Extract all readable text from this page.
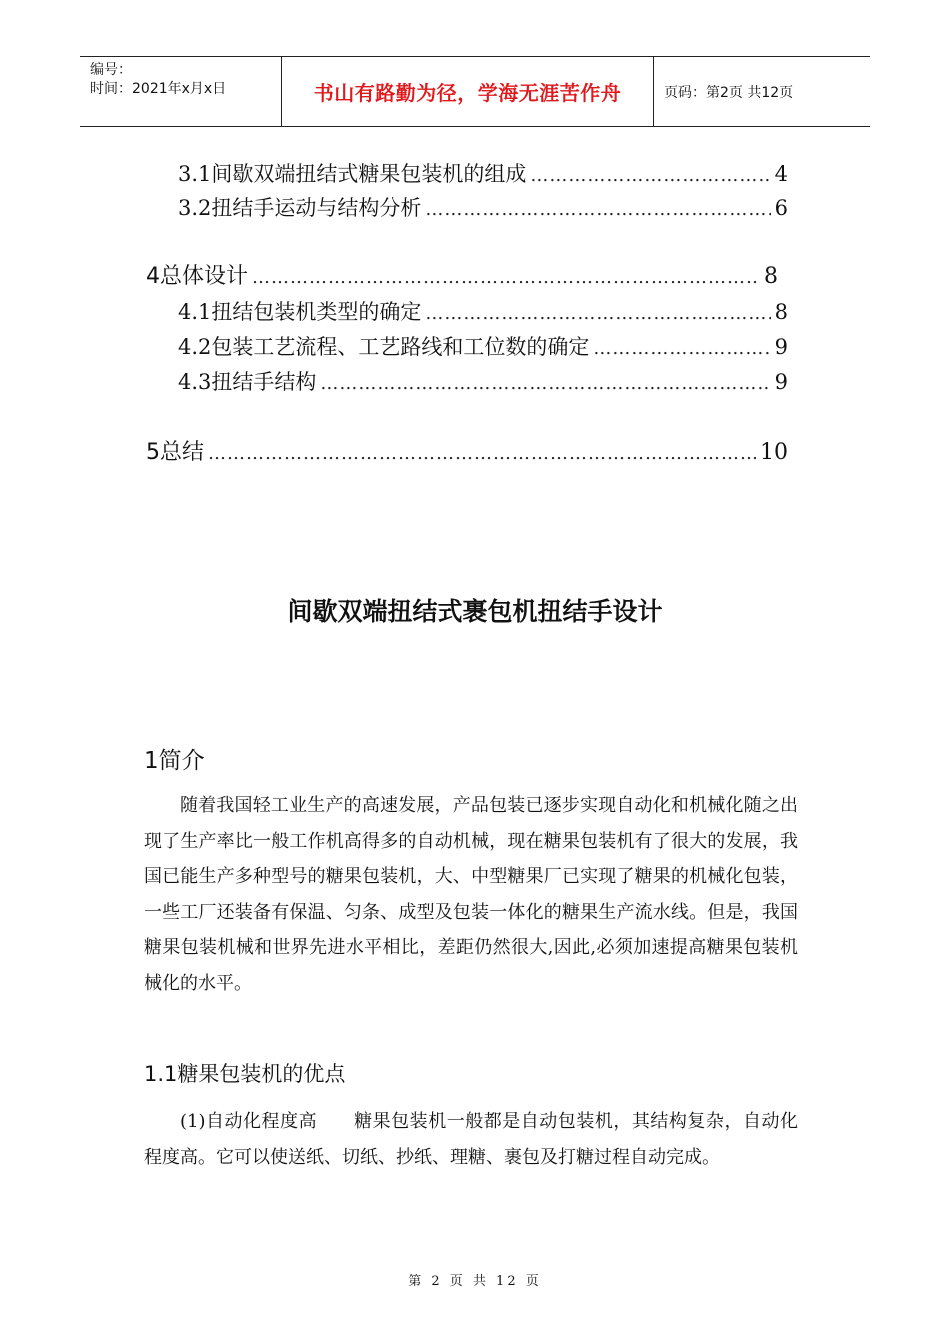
编号：
时间：2021年x月x日	书山有路勤为径，学海无涯苦作舟	页码：第2页 共12页
3.1 间歇双端扭结式糖果包装机的组成 …………………………………………………………………………………………………………………………	4
3.2 扭结手运动与结构分析 …………………………………………………………………………………………………………………………	6
4 总体设计 …………………………………………………………………………………………………………………………	8
4.1 扭结包装机类型的确定 …………………………………………………………………………………………………………………………	8
4.2 包装工艺流程、工艺路线和工位数的确定 …………………………………………………………………………………………………………………………	9
4.3 扭结手结构 …………………………………………………………………………………………………………………………	9
5 总结 …………………………………………………………………………………………………………………………	10
间歇双端扭结式裹包机扭结手设计
1简介
随着我国轻工业生产的高速发展，产品包装已逐步实现自动化和机械化随之出现了生产率比一般工作机高得多的自动机械，现在糖果包装机有了很大的发展，我国已能生产多种型号的糖果包装机，大、中型糖果厂已实现了糖果的机械化包装，一些工厂还装备有保温、匀条、成型及包装一体化的糖果生产流水线。但是，我国糖果包装机械和世界先进水平相比，差距仍然很大,因此,必须加速提高糖果包装机械化的水平。
1.1糖果包装机的优点
(1)自动化程度高　　糖果包装机一般都是自动包装机，其结构复杂，自动化程度高。它可以使送纸、切纸、抄纸、理糖、裹包及打糖过程自动完成。
第 2 页 共 12 页
